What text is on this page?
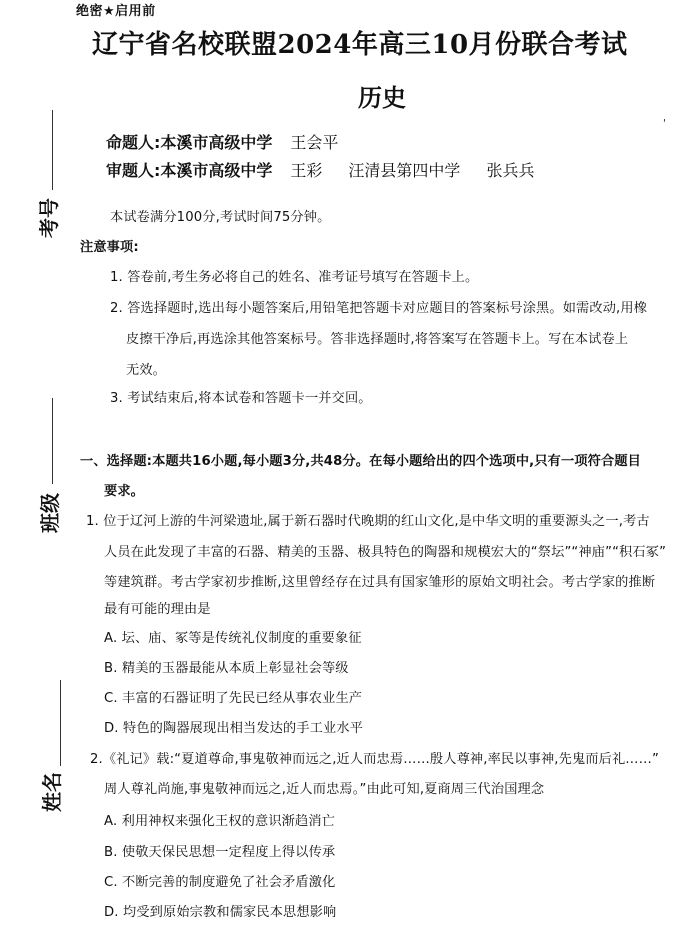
绝密★启用前
辽宁省名校联盟2024年高三10月份联合考试
历史
'
命题人:本溪市高级中学 王会平
审题人:本溪市高级中学 王彩 汪清县第四中学 张兵兵
考号
班级
姓名
本试卷满分100分,考试时间75分钟。
注意事项:
1. 答卷前,考生务必将自己的姓名、准考证号填写在答题卡上。
2. 答选择题时,选出每小题答案后,用铅笔把答题卡对应题目的答案标号涂黑。如需改动,用橡
皮擦干净后,再选涂其他答案标号。答非选择题时,将答案写在答题卡上。写在本试卷上
无效。
3. 考试结束后,将本试卷和答题卡一并交回。
一、选择题:本题共16小题,每小题3分,共48分。在每小题给出的四个选项中,只有一项符合题目
要求。
1. 位于辽河上游的牛河梁遗址,属于新石器时代晚期的红山文化,是中华文明的重要源头之一,考古
人员在此发现了丰富的石器、精美的玉器、极具特色的陶器和规模宏大的“祭坛”“神庙”“积石冢”
等建筑群。考古学家初步推断,这里曾经存在过具有国家雏形的原始文明社会。考古学家的推断
最有可能的理由是
A. 坛、庙、冢等是传统礼仪制度的重要象征
B. 精美的玉器最能从本质上彰显社会等级
C. 丰富的石器证明了先民已经从事农业生产
D. 特色的陶器展现出相当发达的手工业水平
2.《礼记》载:“夏道尊命,事鬼敬神而远之,近人而忠焉……殷人尊神,率民以事神,先鬼而后礼……”
周人尊礼尚施,事鬼敬神而远之,近人而忠焉。”由此可知,夏商周三代治国理念
A. 利用神权来强化王权的意识渐趋消亡
B. 使敬天保民思想一定程度上得以传承
C. 不断完善的制度避免了社会矛盾激化
D. 均受到原始宗教和儒家民本思想影响
